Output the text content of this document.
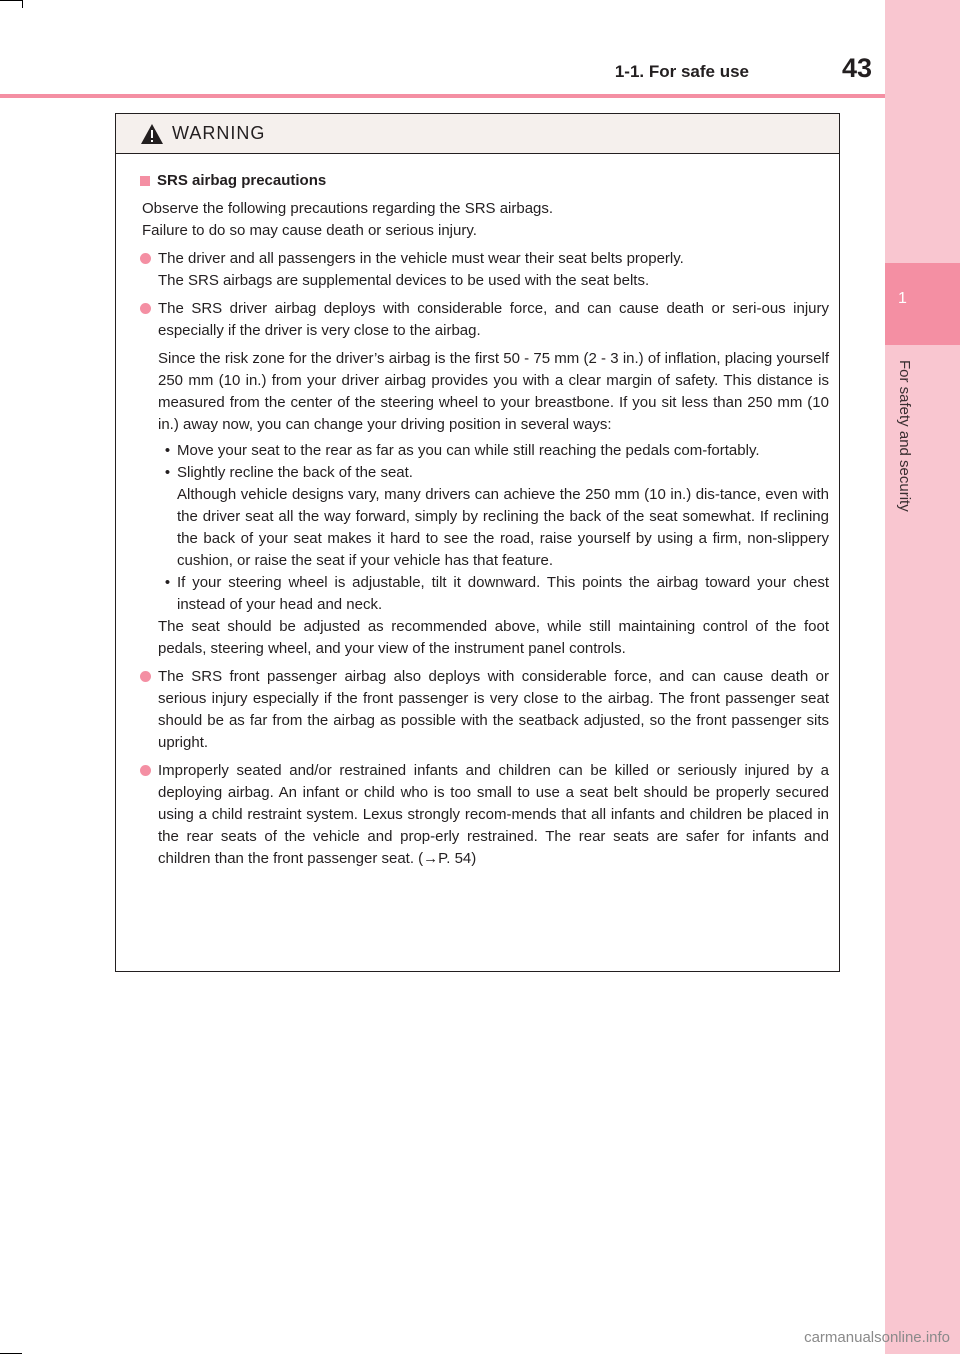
1
For safety and security
1-1. For safe use	43
WARNING
SRS airbag precautions
Observe the following precautions regarding the SRS airbags.
Failure to do so may cause death or serious injury.
The driver and all passengers in the vehicle must wear their seat belts properly.
The SRS airbags are supplemental devices to be used with the seat belts.

The SRS driver airbag deploys with considerable force, and can cause death or seri-ous injury especially if the driver is very close to the airbag.

Since the risk zone for the driver’s airbag is the first 50 - 75 mm (2 - 3 in.) of inflation, placing yourself 250 mm (10 in.) from your driver airbag provides you with a clear margin of safety. This distance is measured from the center of the steering wheel to your breastbone. If you sit less than 250 mm (10 in.) away now, you can change your driving position in several ways:

• Move your seat to the rear as far as you can while still reaching the pedals com-fortably.
• Slightly recline the back of the seat.
Although vehicle designs vary, many drivers can achieve the 250 mm (10 in.) dis-tance, even with the driver seat all the way forward, simply by reclining the back of the seat somewhat. If reclining the back of your seat makes it hard to see the road, raise yourself by using a firm, non-slippery cushion, or raise the seat if your vehicle has that feature.
• If your steering wheel is adjustable, tilt it downward. This points the airbag toward your chest instead of your head and neck.
The seat should be adjusted as recommended above, while still maintaining control of the foot pedals, steering wheel, and your view of the instrument panel controls.
The SRS front passenger airbag also deploys with considerable force, and can cause death or serious injury especially if the front passenger is very close to the airbag. The front passenger seat should be as far from the airbag as possible with the seatback adjusted, so the front passenger sits upright.
Improperly seated and/or restrained infants and children can be killed or seriously injured by a deploying airbag. An infant or child who is too small to use a seat belt should be properly secured using a child restraint system. Lexus strongly recom-mends that all infants and children be placed in the rear seats of the vehicle and prop-erly restrained. The rear seats are safer for infants and children than the front passenger seat. (→P. 54)
carmanualsonline.info
